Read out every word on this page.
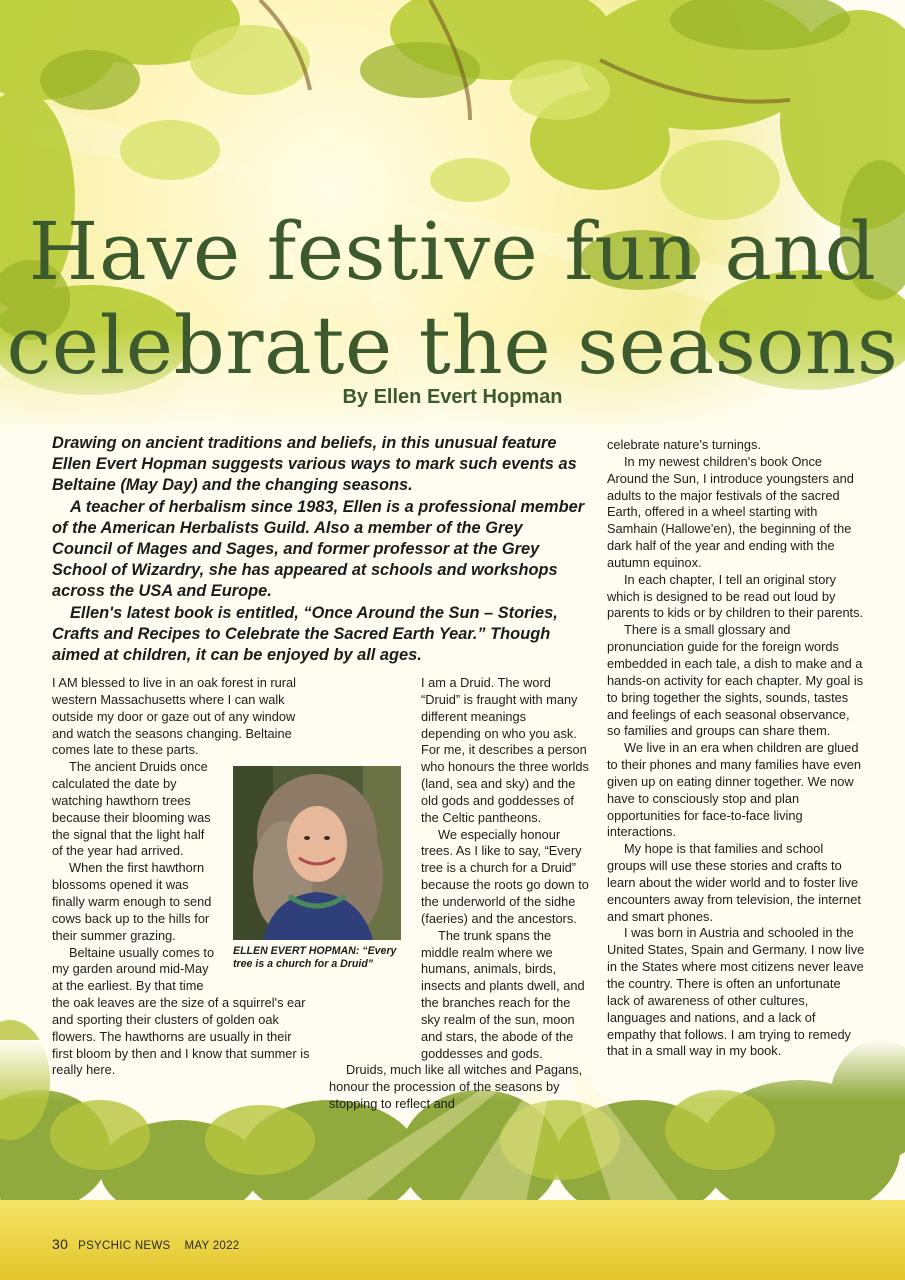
Have festive fun and celebrate the seasons
By Ellen Evert Hopman

Drawing on ancient traditions and beliefs, in this unusual feature Ellen Evert Hopman suggests various ways to mark such events as Beltaine (May Day) and the changing seasons.

A teacher of herbalism since 1983, Ellen is a professional member of the American Herbalists Guild. Also a member of the Grey Council of Mages and Sages, and former professor at the Grey School of Wizardry, she has appeared at schools and workshops across the USA and Europe.

Ellen's latest book is entitled, “Once Around the Sun – Stories, Crafts and Recipes to Celebrate the Sacred Earth Year.” Though aimed at children, it can be enjoyed by all ages.

I AM blessed to live in an oak forest in rural western Massachusetts where I can walk outside my door or gaze out of any window and watch the seasons changing. Beltaine comes late to these parts.

The ancient Druids once calculated the date by watching hawthorn trees because their blooming was the signal that the light half of the year had arrived.

When the first hawthorn blossoms opened it was finally warm enough to send cows back up to the hills for their summer grazing.

Beltaine usually comes to my garden around mid-May at the earliest. By that time the oak leaves are the size of a squirrel's ear and sporting their clusters of golden oak flowers. The hawthorns are usually in their first bloom by then and I know that summer is really here.

I am a Druid. The word “Druid” is fraught with many different meanings depending on who you ask. For me, it describes a person who honours the three worlds (land, sea and sky) and the old gods and goddesses of the Celtic pantheons.

We especially honour trees. As I like to say, “Every tree is a church for a Druid” because the roots go down to the underworld of the sidhe (faeries) and the ancestors.

The trunk spans the middle realm where we humans, animals, birds, insects and plants dwell, and the branches reach for the sky realm of the sun, moon and stars, the abode of the goddesses and gods.

Druids, much like all witches and Pagans, honour the procession of the seasons by stopping to reflect and

celebrate nature's turnings.

In my newest children's book Once Around the Sun, I introduce youngsters and adults to the major festivals of the sacred Earth, offered in a wheel starting with Samhain (Hallowe'en), the beginning of the dark half of the year and ending with the autumn equinox.

In each chapter, I tell an original story which is designed to be read out loud by parents to kids or by children to their parents.

There is a small glossary and pronunciation guide for the foreign words embedded in each tale, a dish to make and a hands-on activity for each chapter. My goal is to bring together the sights, sounds, tastes and feelings of each seasonal observance, so families and groups can share them.

We live in an era when children are glued to their phones and many families have even given up on eating dinner together. We now have to consciously stop and plan opportunities for face-to-face living interactions.

My hope is that families and school groups will use these stories and crafts to learn about the wider world and to foster live encounters away from television, the internet and smart phones.

I was born in Austria and schooled in the United States, Spain and Germany. I now live in the States where most citizens never leave the country. There is often an unfortunate lack of awareness of other cultures, languages and nations, and a lack of empathy that follows. I am trying to remedy that in a small way in my book.

ELLEN EVERT HOPMAN: “Every tree is a church for a Druid”
30 PSYCHIC NEWS MAY 2022
